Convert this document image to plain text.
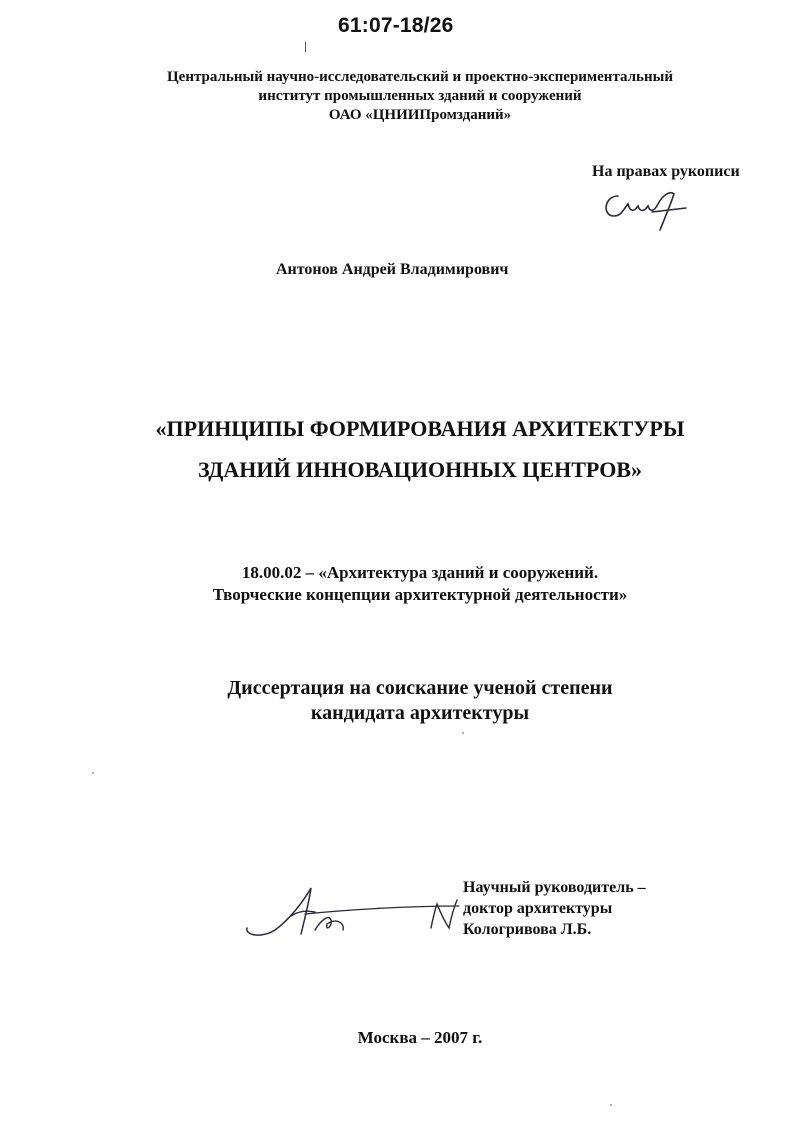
61:07-18/26
Центральный научно-исследовательский и проектно-экспериментальный
институт промышленных зданий и сооружений
ОАО «ЦНИИПромзданий»
На правах рукописи
Антонов Андрей Владимирович
«ПРИНЦИПЫ ФОРМИРОВАНИЯ АРХИТЕКТУРЫ
ЗДАНИЙ ИННОВАЦИОННЫХ ЦЕНТРОВ»
18.00.02 – «Архитектура зданий и сооружений.
Творческие концепции архитектурной деятельности»
Диссертация на соискание ученой степени
кандидата архитектуры
Научный руководитель –
доктор архитектуры
Кологривова Л.Б.
Москва – 2007 г.
